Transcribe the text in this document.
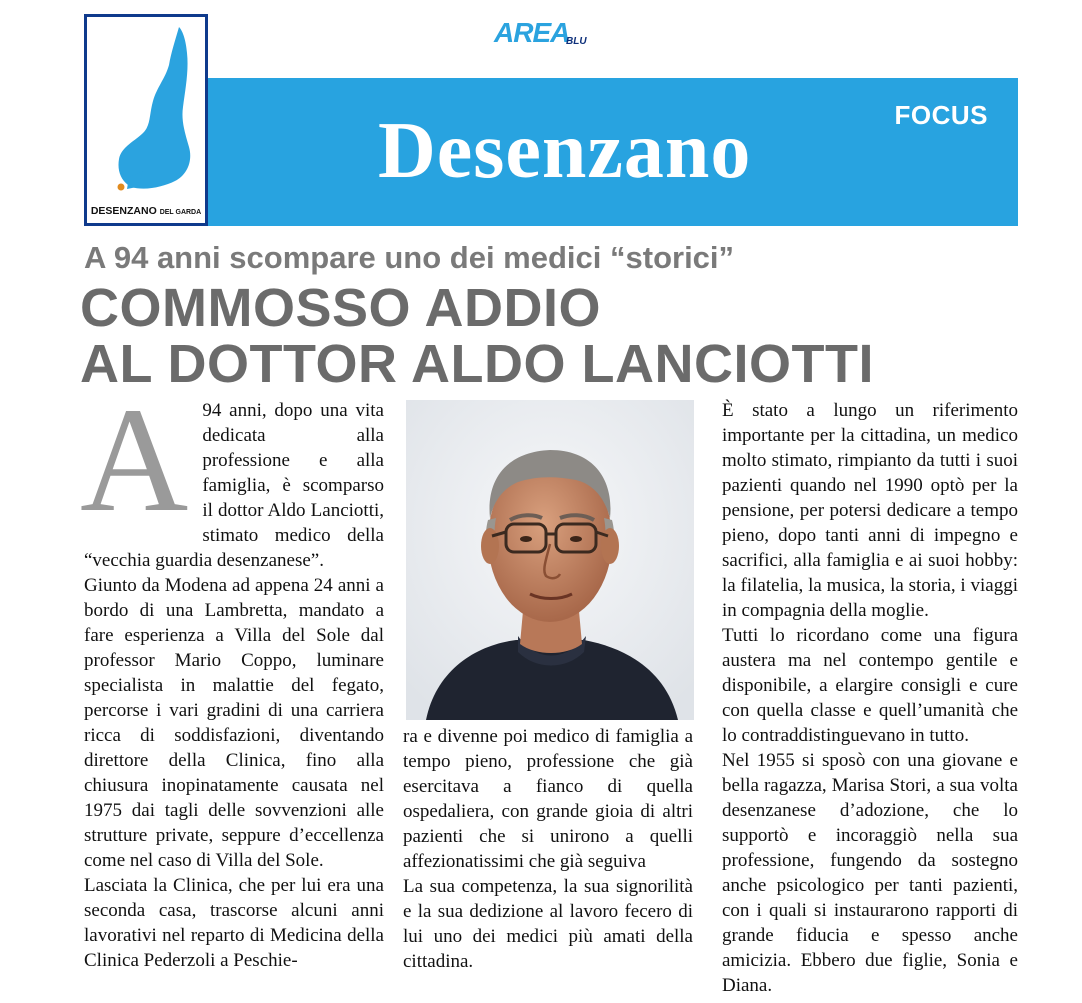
DESENZANO DEL GARDA
AREA
BLU
Desenzano	FOCUS
A 94 anni scompare uno dei medici “storici”
COMMOSSO ADDIO
AL DOTTOR ALDO LANCIOTTI
A 94 anni, dopo una vita dedicata alla professione e alla famiglia, è scomparso il dottor Aldo Lanciotti, stimato medico della “vecchia guardia desenzanese”.

Giunto da Modena ad appena 24 anni a bordo di una Lambretta, mandato a fare esperienza a Villa del Sole dal professor Mario Coppo, luminare specialista in malattie del fegato, percorse i vari gradini di una carriera ricca di soddisfazioni, diventando direttore della Clinica, fino alla chiusura inopinatamente causata nel 1975 dai tagli delle sovvenzioni alle strutture private, seppure d’eccellenza come nel caso di Villa del Sole.

Lasciata la Clinica, che per lui era una seconda casa, trascorse alcuni anni lavorativi nel reparto di Medicina della Clinica Pederzoli a Peschie-

ra e divenne poi medico di famiglia a tempo pieno, professione che già esercitava a fianco di quella ospedaliera, con grande gioia di altri pazienti che si unirono a quelli affezionatissimi che già seguiva

La sua competenza, la sua signorilità e la sua dedizione al lavoro fecero di lui uno dei medici più amati della cittadina.

È stato a lungo un riferimento importante per la cittadina, un medico molto stimato, rimpianto da tutti i suoi pazienti quando nel 1990 optò per la pensione, per potersi dedicare a tempo pieno, dopo tanti anni di impegno e sacrifici, alla famiglia e ai suoi hobby: la filatelia, la musica, la storia, i viaggi in compagnia della moglie.

Tutti lo ricordano come una figura austera ma nel contempo gentile e disponibile, a elargire consigli e cure con quella classe e quell’umanità che lo contraddistinguevano in tutto.

Nel 1955 si sposò con una giovane e bella ragazza, Marisa Stori, a sua volta desenzanese d’adozione, che lo supportò e incoraggiò nella sua professione, fungendo da sostegno anche psicologico per tanti pazienti, con i quali si instaurarono rapporti di grande fiducia e spesso anche amicizia. Ebbero due figlie, Sonia e Diana.
